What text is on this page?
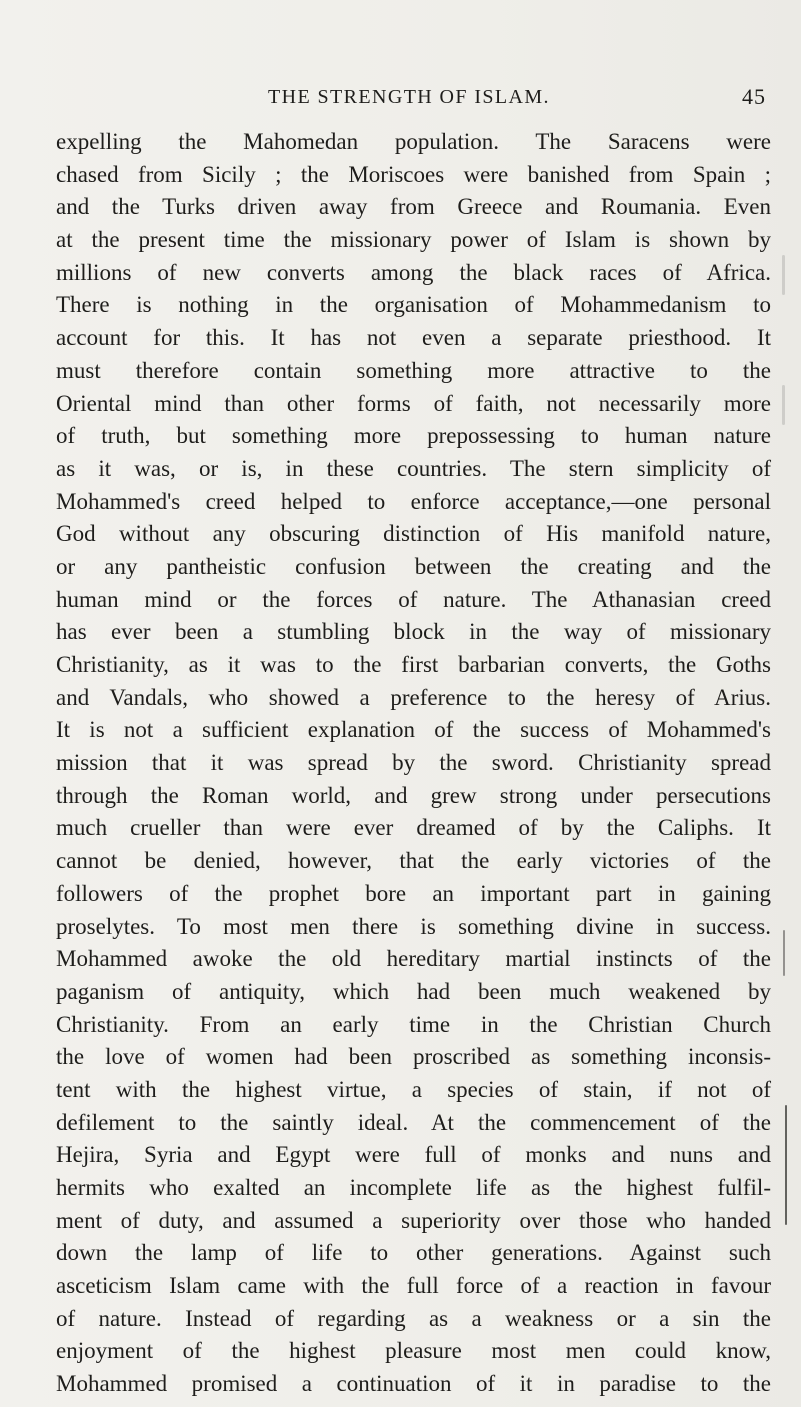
THE STRENGTH OF ISLAM.	45
expelling the Mahomedan population. The Saracens were
chased from Sicily ; the Moriscoes were banished from Spain ;
and the Turks driven away from Greece and Roumania. Even
at the present time the missionary power of Islam is shown by
millions of new converts among the black races of Africa.
There is nothing in the organisation of Mohammedanism to
account for this. It has not even a separate priesthood. It
must therefore contain something more attractive to the
Oriental mind than other forms of faith, not necessarily more
of truth, but something more prepossessing to human nature
as it was, or is, in these countries. The stern simplicity of
Mohammed's creed helped to enforce acceptance,—one personal
God without any obscuring distinction of His manifold nature,
or any pantheistic confusion between the creating and the
human mind or the forces of nature. The Athanasian creed
has ever been a stumbling block in the way of missionary
Christianity, as it was to the first barbarian converts, the Goths
and Vandals, who showed a preference to the heresy of Arius.
It is not a sufficient explanation of the success of Mohammed's
mission that it was spread by the sword. Christianity spread
through the Roman world, and grew strong under persecutions
much crueller than were ever dreamed of by the Caliphs. It
cannot be denied, however, that the early victories of the
followers of the prophet bore an important part in gaining
proselytes. To most men there is something divine in success.
Mohammed awoke the old hereditary martial instincts of the
paganism of antiquity, which had been much weakened by
Christianity. From an early time in the Christian Church
the love of women had been proscribed as something inconsis-
tent with the highest virtue, a species of stain, if not of
defilement to the saintly ideal. At the commencement of the
Hejira, Syria and Egypt were full of monks and nuns and
hermits who exalted an incomplete life as the highest fulfil-
ment of duty, and assumed a superiority over those who handed
down the lamp of life to other generations. Against such
asceticism Islam came with the full force of a reaction in favour
of nature. Instead of regarding as a weakness or a sin the
enjoyment of the highest pleasure most men could know,
Mohammed promised a continuation of it in paradise to the
